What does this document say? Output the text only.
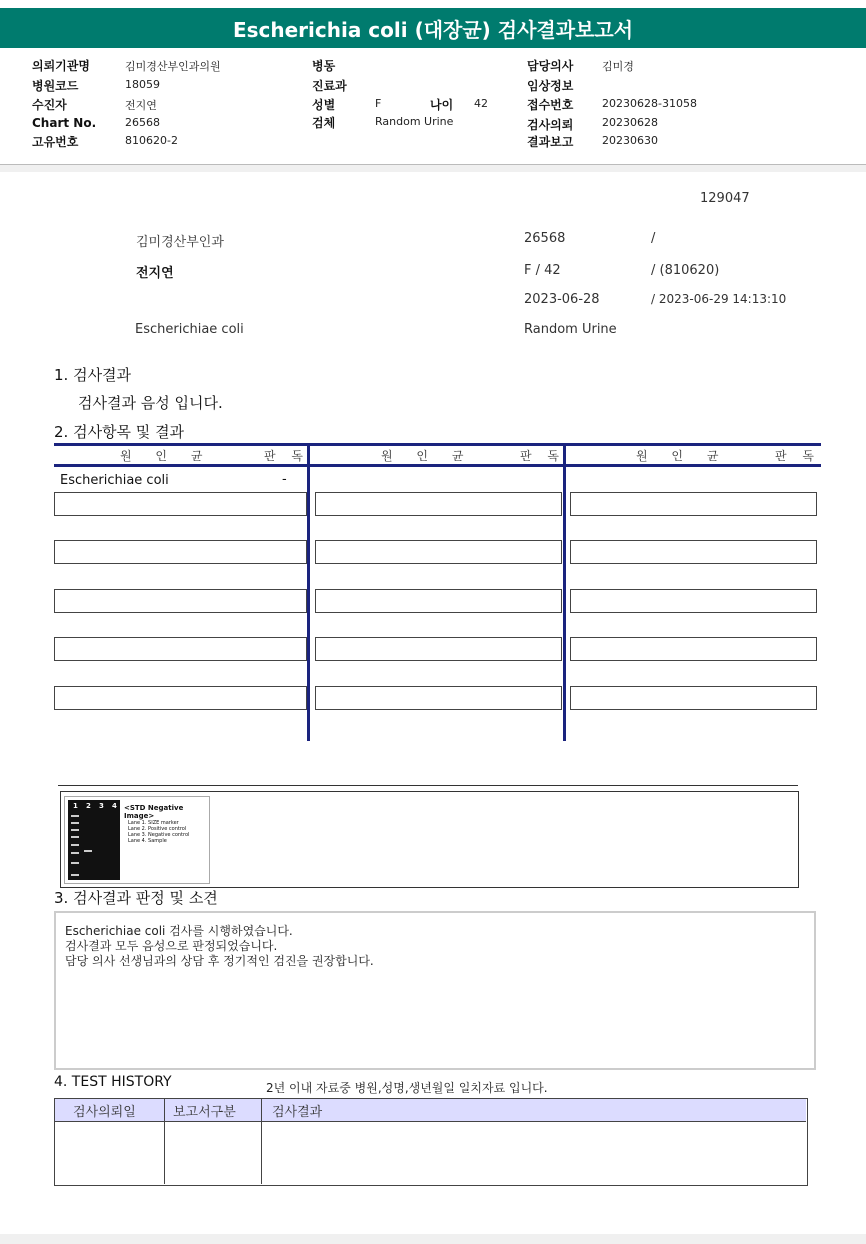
Escherichia coli (대장균) 검사결과보고서
의뢰기관명	김미경산부인과의원
병원코드	18059
수진자	전지연
Chart No.	26568
고유번호	810620-2
병동
진료과
성별	F	나이 42
검체	Random Urine
담당의사	김미경
임상정보
접수번호	20230628-31058
검사의뢰	20230628
결과보고	20230630
129047
김미경산부인과	26568	/
전지연	F / 42	/ (810620)
2023-06-28	/ 2023-06-29 14:13:10
Escherichiae coli	Random Urine
1. 검사결과
검사결과 음성 입니다.
2. 검사항목 및 결과
원 인 균	판 독	원 인 균	판 독	원 인 균	판 독
Escherichiae coli	-
<STD Negative Image>
Lane 1. SIZE marker
Lane 2. Positive control
Lane 3. Negative control
Lane 4. Sample
1 2 3 4
3. 검사결과 판정 및 소견
Escherichiae coli 검사를 시행하였습니다.
검사결과 모두 음성으로 판정되었습니다.
담당 의사 선생님과의 상담 후 정기적인 검진을 권장합니다.
4. TEST HISTORY	2년 이내 자료중 병원,성명,생년월일 일치자료 입니다.
검사의뢰일	보고서구분	검사결과
